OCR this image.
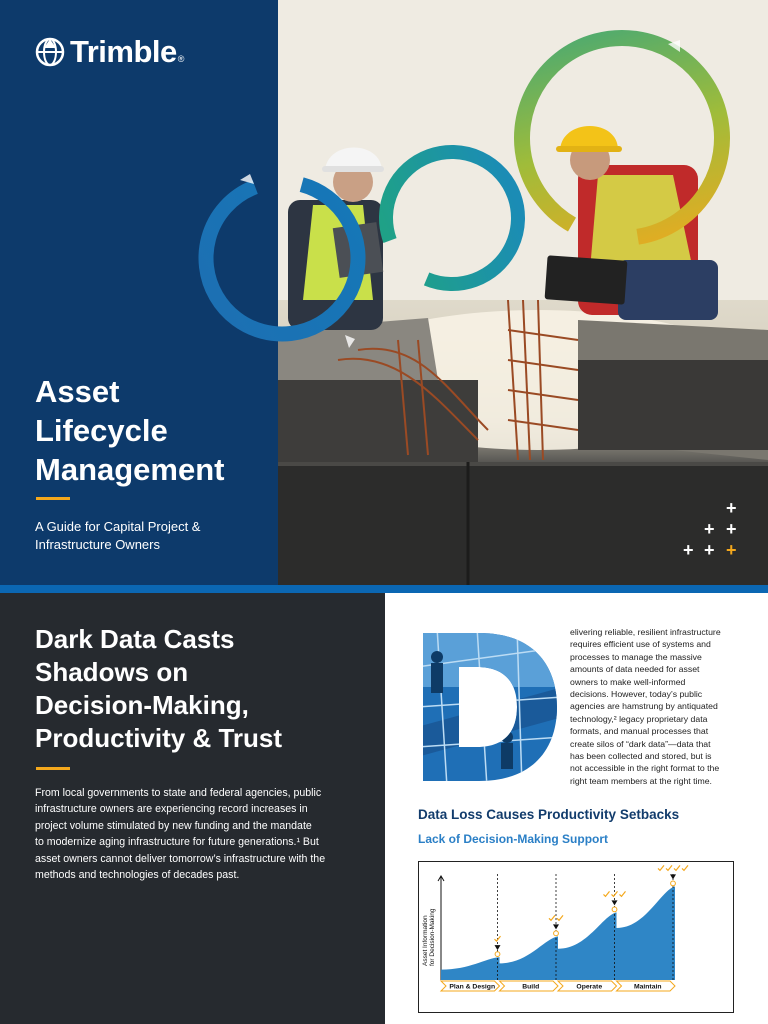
Trimble ®
Asset
Lifecycle
Management

A Guide for Capital Project &
Infrastructure Owners

+
+ +
+ + +
Dark Data Casts
Shadows on
Decision-Making,
Productivity & Trust

From local governments to state and federal agencies, public
infrastructure owners are experiencing record increases in
project volume stimulated by new funding and the mandate
to modernize aging infrastructure for future generations.¹ But
asset owners cannot deliver tomorrow’s infrastructure with the
methods and technologies of decades past.

elivering reliable, resilient infrastructure
requires efficient use of systems and
processes to manage the massive
amounts of data needed for asset
owners to make well-informed
decisions. However, today’s public
agencies are hamstrung by antiquated
technology,² legacy proprietary data
formats, and manual processes that
create silos of “dark data”—data that
has been collected and stored, but is
not accessible in the right format to the
right team members at the right time.

Data Loss Causes Productivity Setbacks
Lack of Decision-Making Support
Asset Information for Decision-Making
Plan & Design	Build	Operate	Maintain
